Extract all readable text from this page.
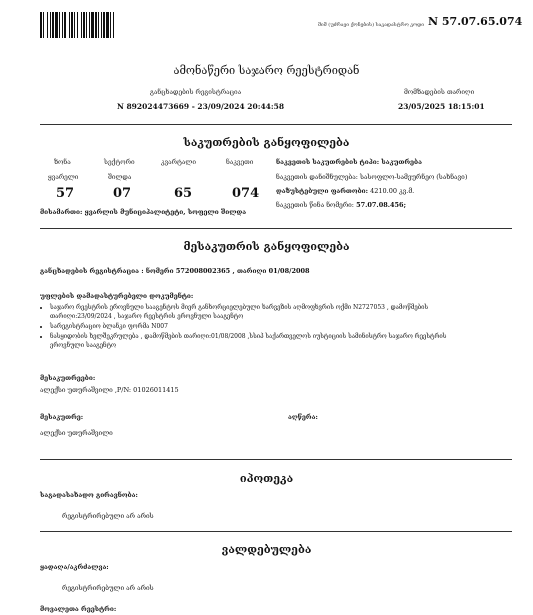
მიმ (უძრავი ქონების) საკადასტრო კოდი N 57.07.65.074
ამონაწერი საჯარო რეესტრიდან
განცხადების რეგისტრაცია
N 892024473669 - 23/09/2024 20:44:58
მომზადების თარიღი
23/05/2025 18:15:01
საკუთრების განყოფილება
ზონა	სექტორი	კვარტალი	ნაკვეთი
ყვარელი	შილდა
57	07	65	074
ნაკვეთის საკუთრების ტიპი: საკუთრება
ნაკვეთის დანიშნულება: სასოფლო-სამეურნეო (სახნავი)
დაზუსტებული ფართობი: 4210.00 კვ.მ.
ნაკვეთის წინა ნომერი: 57.07.08.456;
მისამართი: ყვარლის მუნიციპალიტეტი, სოფელი შილდა
მესაკუთრის განყოფილება
განცხადების რეგისტრაცია : ნომერი 572008002365 , თარიღი 01/08/2008
უფლების დამადასტურებელი დოკუმენტი:
• საჯარო რეესტრის ეროვნული სააგენტოს მიერ განხორციელებული ხარვეზის აღმოფხვრის ოქმი N2727053 , დამოწმების თარიღი:23/09/2024 , საჯარო რეესტრის ეროვნული სააგენტო
• სარეგისტრაციო ბლანკი ფორმა N007
• ნასყიდობის ხელშეკრულება , დამოწმების თარიღი:01/08/2008 ,სსიპ საქართველოს იუსტიციის სამინისტრო საჯარო რეესტრის ეროვნული სააგენტო
მესაკუთრეები:
ალექსი უთურაშვილი ,P/N: 01026011415
მესაკუთრე:
ალექსი უთურაშვილი
აღწერა:
იპოთეკა
საგადასახადო გირავნობა:
რეგისტრირებული არ არის
ვალდებულება
ყადაღა/აკრძალვა:
რეგისტრირებული არ არის
მოვალეთა რეესტრი:
